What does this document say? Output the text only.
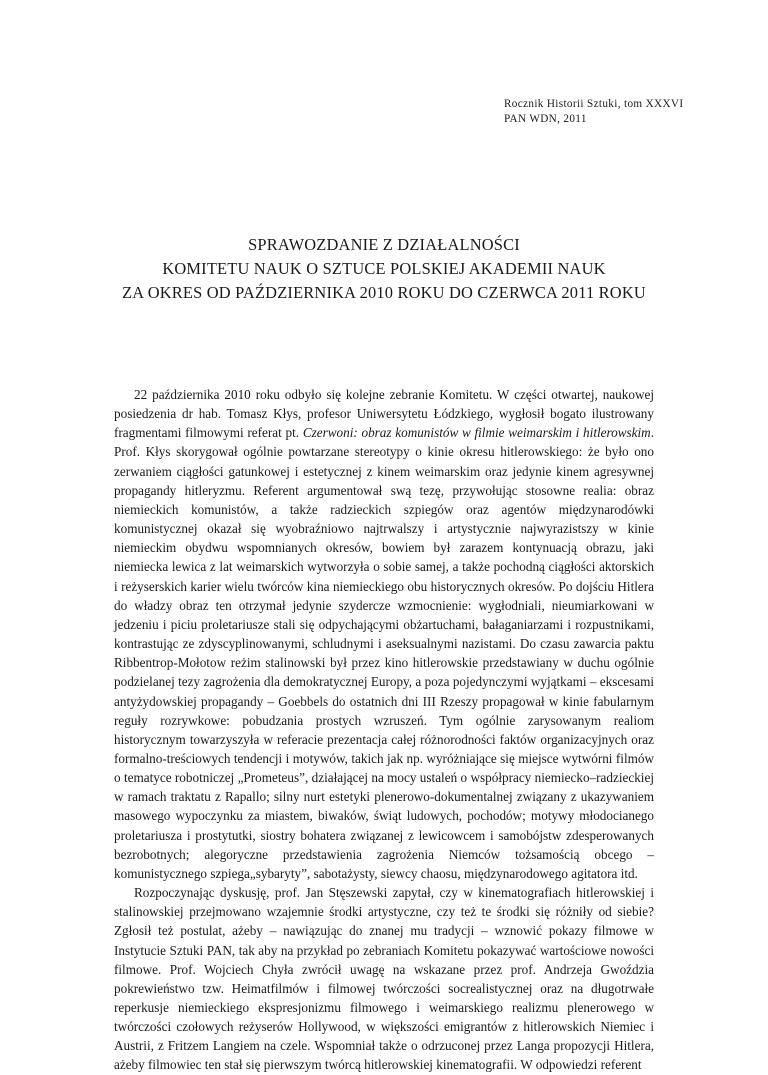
Rocznik Historii Sztuki, tom XXXVI
PAN WDN, 2011
SPRAWOZDANIE Z DZIAŁALNOŚCI
KOMITETU NAUK O SZTUCE POLSKIEJ AKADEMII NAUK
ZA OKRES OD PAŹDZIERNIKA 2010 ROKU DO CZERWCA 2011 ROKU

22 października 2010 roku odbyło się kolejne zebranie Komitetu. W części otwartej, naukowej posiedzenia dr hab. Tomasz Kłys, profesor Uniwersytetu Łódzkiego, wygłosił bogato ilustrowany fragmentami filmowymi referat pt. Czerwoni: obraz komunistów w filmie weimarskim i hitlerowskim. Prof. Kłys skorygował ogólnie powtarzane stereotypy o kinie okresu hitlerowskiego: że było ono zerwaniem ciągłości gatunkowej i estetycznej z kinem weimarskim oraz jedynie kinem agresywnej propagandy hitleryzmu. Referent argumentował swą tezę, przywołując stosowne realia: obraz niemieckich komunistów, a także radzieckich szpiegów oraz agentów międzynarodówki komunistycznej okazał się wyobraźniowo najtrwalszy i artystycznie najwyrazistszy w kinie niemieckim obydwu wspomnianych okresów, bowiem był zarazem kontynuacją obrazu, jaki niemiecka lewica z lat weimarskich wytworzyła o sobie samej, a także pochodną ciągłości aktorskich i reżyserskich karier wielu twórców kina niemieckiego obu historycznych okresów. Po dojściu Hitlera do władzy obraz ten otrzymał jedynie szydercze wzmocnienie: wygłodniali, nieumiarkowani w jedzeniu i piciu proletariusze stali się odpychającymi obżartuchami, bałaganiarzami i rozpustnikami, kontrastując ze zdyscyplinowanymi, schludnymi i aseksualnymi nazistami. Do czasu zawarcia paktu Ribbentrop-Mołotow reżim stalinowski był przez kino hitlerowskie przedstawiany w duchu ogólnie podzielanej tezy zagrożenia dla demokratycznej Europy, a poza pojedynczymi wyjątkami – ekscesami antyżydowskiej propagandy – Goebbels do ostatnich dni III Rzeszy propagował w kinie fabularnym reguły rozrywkowe: pobudzania prostych wzruszeń. Tym ogólnie zarysowanym realiom historycznym towarzyszyła w referacie prezentacja całej różnorodności faktów organizacyjnych oraz formalno-treściowych tendencji i motywów, takich jak np. wyróżniające się miejsce wytwórni filmów o tematyce robotniczej „Prometeus”, działającej na mocy ustaleń o współpracy niemiecko–radzieckiej w ramach traktatu z Rapallo; silny nurt estetyki plenerowo-dokumentalnej związany z ukazywaniem masowego wypoczynku za miastem, biwaków, świąt ludowych, pochodów; motywy młodocianego proletariusza i prostytutki, siostry bohatera związanej z lewicowcem i samobójstw zdesperowanych bezrobotnych; alegoryczne przedstawienia zagrożenia Niemców tożsamością obcego – komunistycznego szpiega„sybaryty”, sabotażysty, siewcy chaosu, międzynarodowego agitatora itd.

Rozpoczynając dyskusję, prof. Jan Stęszewski zapytał, czy w kinematografiach hitlerowskiej i stalinowskiej przejmowano wzajemnie środki artystyczne, czy też te środki się różniły od siebie? Zgłosił też postulat, ażeby – nawiązując do znanej mu tradycji – wznowić pokazy filmowe w Instytucie Sztuki PAN, tak aby na przykład po zebraniach Komitetu pokazywać wartościowe nowości filmowe. Prof. Wojciech Chyła zwrócił uwagę na wskazane przez prof. Andrzeja Gwoździa pokrewieństwo tzw. Heimatfilmów i filmowej twórczości socrealistycznej oraz na długotrwałe reperkusje niemieckiego ekspresjonizmu filmowego i weimarskiego realizmu plenerowego w twórczości czołowych reżyserów Hollywood, w większości emigrantów z hitlerowskich Niemiec i Austrii, z Fritzem Langiem na czele. Wspomniał także o odrzuconej przez Langa propozycji Hitlera, ażeby filmowiec ten stał się pierwszym twórcą hitlerowskiej kinematografii. W odpowiedzi referent
